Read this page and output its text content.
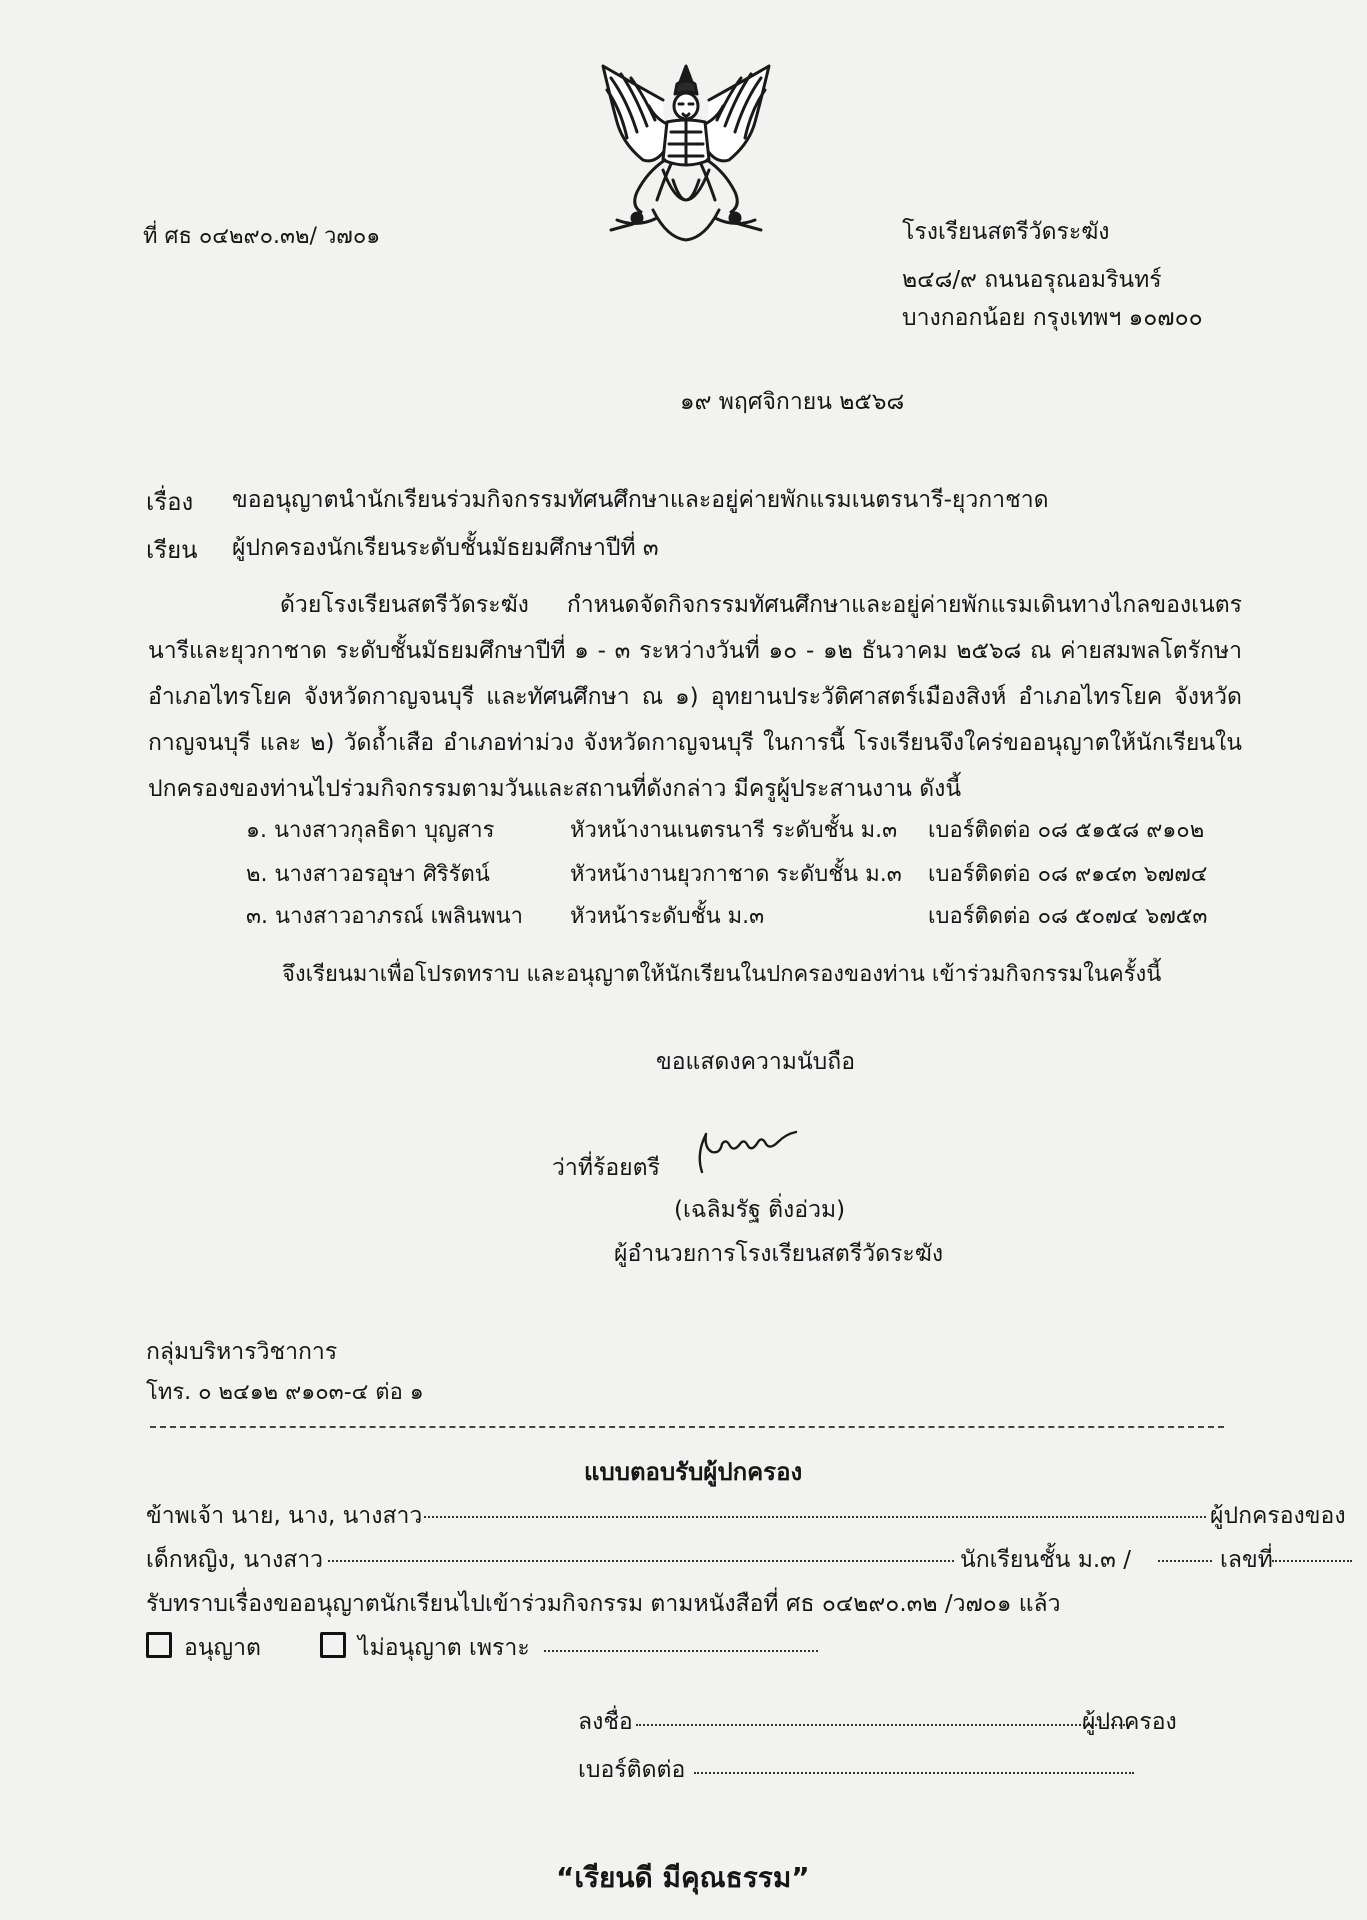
ที่ ศธ ๐๔๒๙๐.๓๒/ ว๗๐๑	โรงเรียนสตรีวัดระฆัง
๒๔๘/๙ ถนนอรุณอมรินทร์
บางกอกน้อย กรุงเทพฯ ๑๐๗๐๐
๑๙ พฤศจิกายน ๒๕๖๘
เรื่อง ขออนุญาตนำนักเรียนร่วมกิจกรรมทัศนศึกษาและอยู่ค่ายพักแรมเนตรนารี-ยุวกาชาด
เรียน ผู้ปกครองนักเรียนระดับชั้นมัธยมศึกษาปีที่ ๓
ด้วยโรงเรียนสตรีวัดระฆัง กำหนดจัดกิจกรรมทัศนศึกษาและอยู่ค่ายพักแรมเดินทางไกลของเนตรนารีและยุวกาชาด ระดับชั้นมัธยมศึกษาปีที่ ๑ - ๓ ระหว่างวันที่ ๑๐ - ๑๒ ธันวาคม ๒๕๖๘ ณ ค่ายสมพลโตรักษา อำเภอไทรโยค จังหวัดกาญจนบุรี และทัศนศึกษา ณ ๑) อุทยานประวัติศาสตร์เมืองสิงห์ อำเภอไทรโยค จังหวัดกาญจนบุรี และ ๒) วัดถ้ำเสือ อำเภอท่าม่วง จังหวัดกาญจนบุรี ในการนี้ โรงเรียนจึงใคร่ขออนุญาตให้นักเรียนในปกครองของท่านไปร่วมกิจกรรมตามวันและสถานที่ดังกล่าว มีครูผู้ประสานงาน ดังนี้
๑. นางสาวกุลธิดา บุญสาร	หัวหน้างานเนตรนารี ระดับชั้น ม.๓ เบอร์ติดต่อ ๐๘ ๕๑๕๘ ๙๑๐๒
๒. นางสาวอรอุษา ศิริรัตน์	หัวหน้างานยุวกาชาด ระดับชั้น ม.๓ เบอร์ติดต่อ ๐๘ ๙๑๔๓ ๖๗๗๔
๓. นางสาวอาภรณ์ เพลินพนา หัวหน้าระดับชั้น ม.๓	เบอร์ติดต่อ ๐๘ ๕๐๗๔ ๖๗๕๓
จึงเรียนมาเพื่อโปรดทราบ และอนุญาตให้นักเรียนในปกครองของท่าน เข้าร่วมกิจกรรมในครั้งนี้
ขอแสดงความนับถือ
ว่าที่ร้อยตรี
(เฉลิมรัฐ ติ่งอ่วม)
ผู้อำนวยการโรงเรียนสตรีวัดระฆัง
กลุ่มบริหารวิชาการ
โทร. ๐ ๒๔๑๒ ๙๑๐๓-๔ ต่อ ๑
แบบตอบรับผู้ปกครอง
ข้าพเจ้า นาย, นาง, นางสาว	ผู้ปกครองของ
เด็กหญิง, นางสาว	นักเรียนชั้น ม.๓ /	เลขที่
รับทราบเรื่องขออนุญาตนักเรียนไปเข้าร่วมกิจกรรม ตามหนังสือที่ ศธ ๐๔๒๙๐.๓๒ /ว๗๐๑ แล้ว
อนุญาต	ไม่อนุญาต เพราะ
ลงชื่อ	ผู้ปกครอง
เบอร์ติดต่อ
“เรียนดี มีคุณธรรม”
